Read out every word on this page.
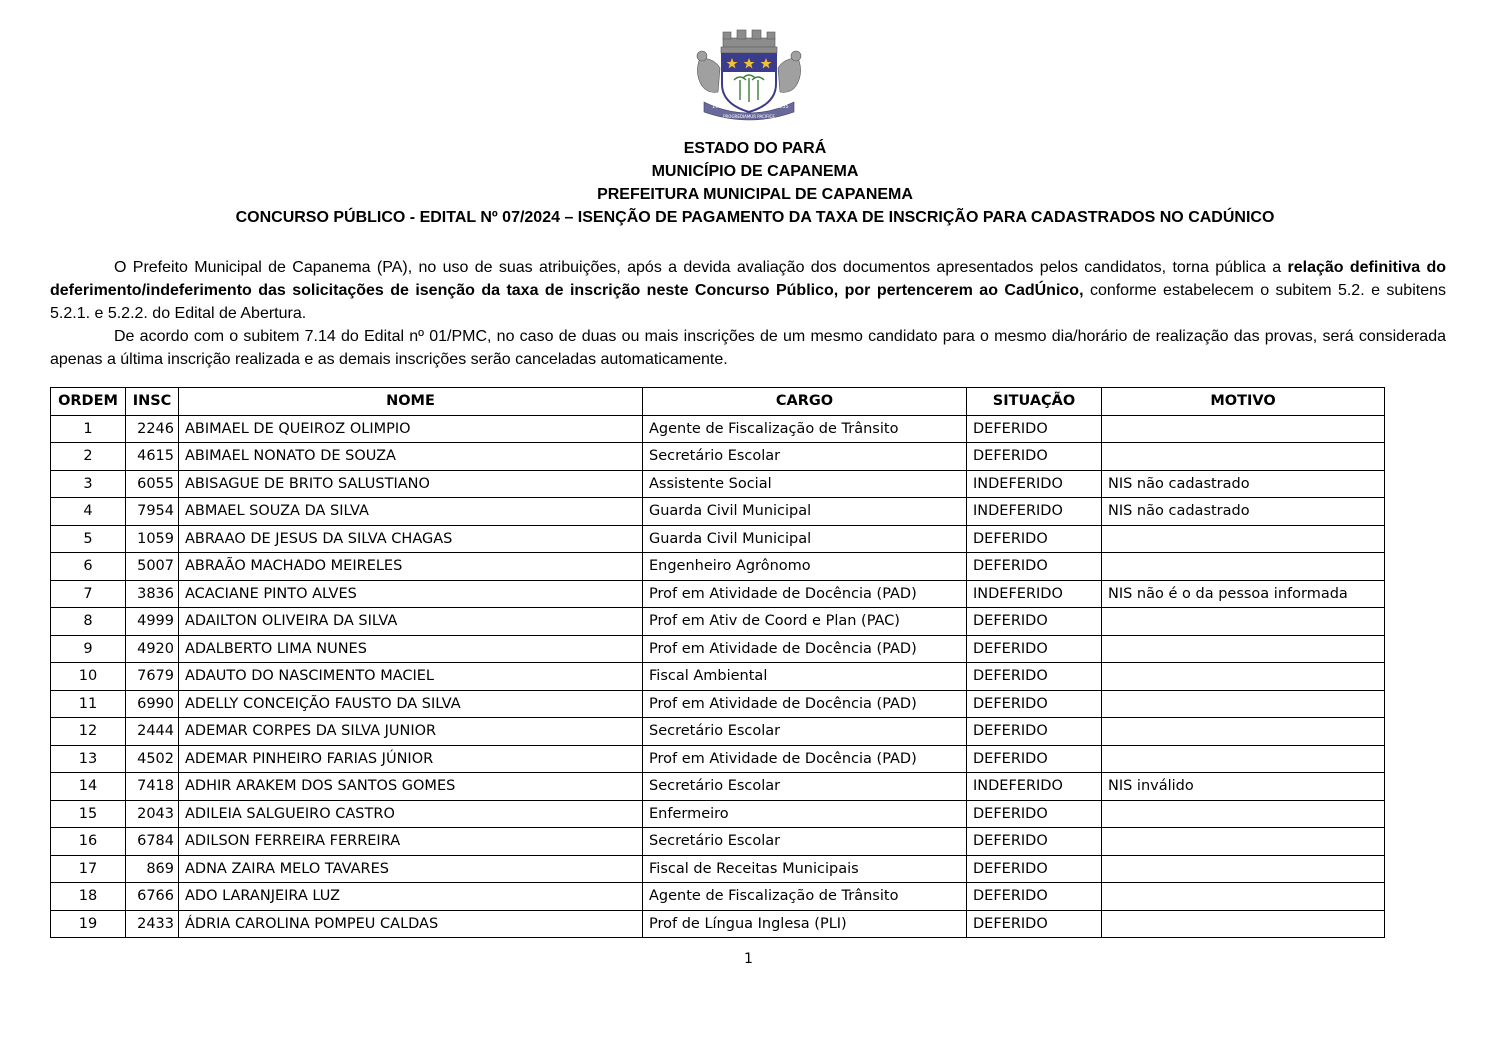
1910	1935
PROGREDIAMUR PACIFICE
ESTADO DO PARÁ
MUNICÍPIO DE CAPANEMA
PREFEITURA MUNICIPAL DE CAPANEMA
CONCURSO PÚBLICO - EDITAL Nº 07/2024 – ISENÇÃO DE PAGAMENTO DA TAXA DE INSCRIÇÃO PARA CADASTRADOS NO CADÚNICO

O Prefeito Municipal de Capanema (PA), no uso de suas atribuições, após a devida avaliação dos documentos apresentados pelos candidatos, torna pública a relação definitiva do deferimento/indeferimento das solicitações de isenção da taxa de inscrição neste Concurso Público, por pertencerem ao CadÚnico, conforme estabelecem o subitem 5.2. e subitens 5.2.1. e 5.2.2. do Edital de Abertura.

De acordo com o subitem 7.14 do Edital nº 01/PMC, no caso de duas ou mais inscrições de um mesmo candidato para o mesmo dia/horário de realização das provas, será considerada apenas a última inscrição realizada e as demais inscrições serão canceladas automaticamente.

ORDEM	INSC	NOME	CARGO	SITUAÇÃO	MOTIVO
1	2246	ABIMAEL DE QUEIROZ OLIMPIO	Agente de Fiscalização de Trânsito	DEFERIDO	
2	4615	ABIMAEL NONATO DE SOUZA	Secretário Escolar	DEFERIDO	
3	6055	ABISAGUE DE BRITO SALUSTIANO	Assistente Social	INDEFERIDO	NIS não cadastrado
4	7954	ABMAEL SOUZA DA SILVA	Guarda Civil Municipal	INDEFERIDO	NIS não cadastrado
5	1059	ABRAAO DE JESUS DA SILVA CHAGAS	Guarda Civil Municipal	DEFERIDO	
6	5007	ABRAÃO MACHADO MEIRELES	Engenheiro Agrônomo	DEFERIDO	
7	3836	ACACIANE PINTO ALVES	Prof em Atividade de Docência (PAD)	INDEFERIDO	NIS não é o da pessoa informada
8	4999	ADAILTON OLIVEIRA DA SILVA	Prof em Ativ de Coord e Plan (PAC)	DEFERIDO	
9	4920	ADALBERTO LIMA NUNES	Prof em Atividade de Docência (PAD)	DEFERIDO	
10	7679	ADAUTO DO NASCIMENTO MACIEL	Fiscal Ambiental	DEFERIDO	
11	6990	ADELLY CONCEIÇÃO FAUSTO DA SILVA	Prof em Atividade de Docência (PAD)	DEFERIDO	
12	2444	ADEMAR CORPES DA SILVA JUNIOR	Secretário Escolar	DEFERIDO	
13	4502	ADEMAR PINHEIRO FARIAS JÚNIOR	Prof em Atividade de Docência (PAD)	DEFERIDO	
14	7418	ADHIR ARAKEM DOS SANTOS GOMES	Secretário Escolar	INDEFERIDO	NIS inválido
15	2043	ADILEIA SALGUEIRO CASTRO	Enfermeiro	DEFERIDO	
16	6784	ADILSON FERREIRA FERREIRA	Secretário Escolar	DEFERIDO	
17	869	ADNA ZAIRA MELO TAVARES	Fiscal de Receitas Municipais	DEFERIDO	
18	6766	ADO LARANJEIRA LUZ	Agente de Fiscalização de Trânsito	DEFERIDO	
19	2433	ÁDRIA CAROLINA POMPEU CALDAS	Prof de Língua Inglesa (PLI)	DEFERIDO	
1
